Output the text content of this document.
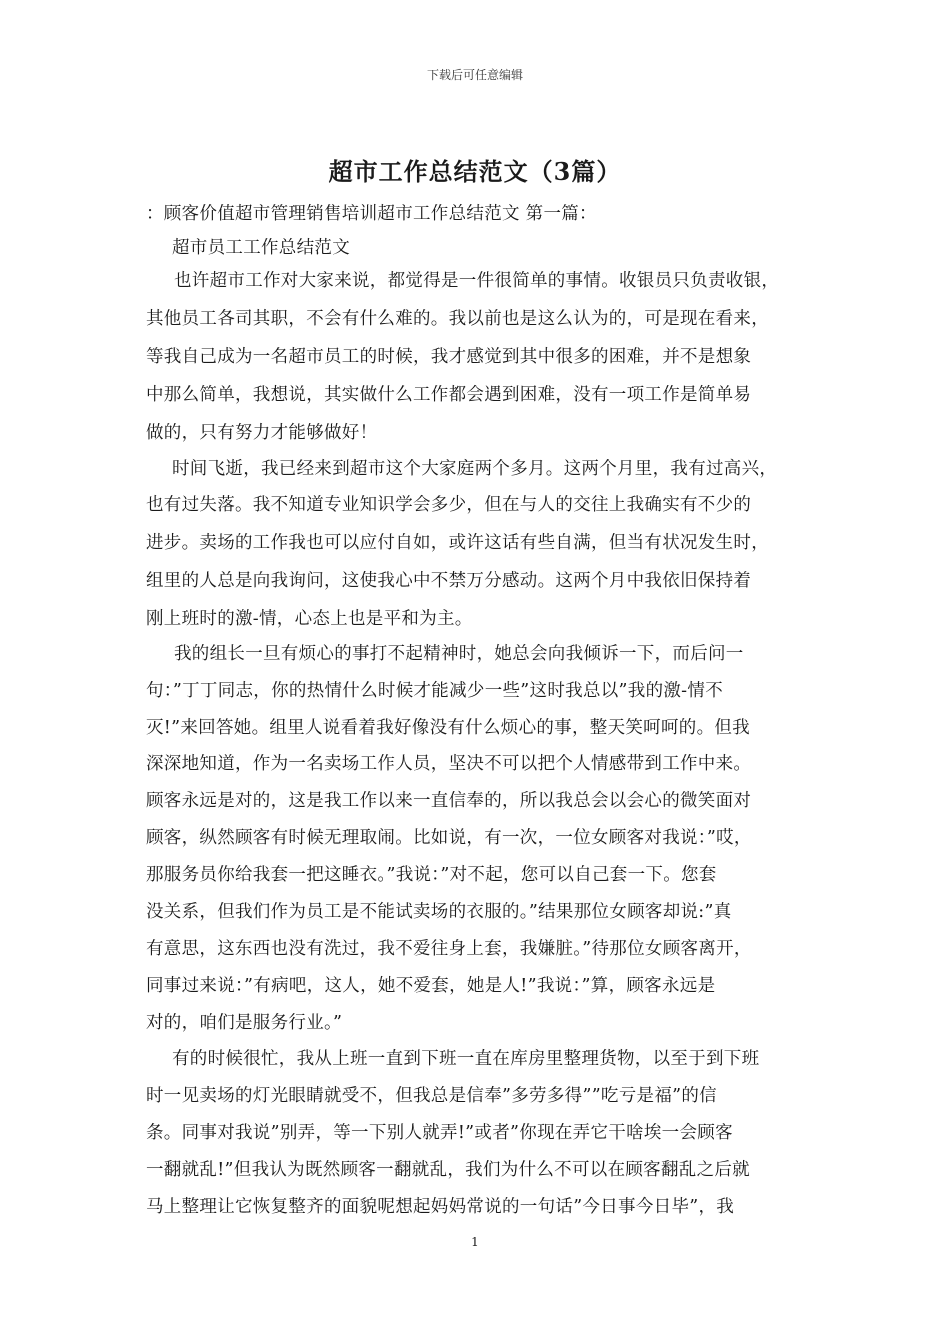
下载后可任意编辑
超市工作总结范文（3篇）
：顾客价值超市管理销售培训超市工作总结范文 第一篇：
超市员工工作总结范文
也许超市工作对大家来说，都觉得是一件很简单的事情。收银员只负责收银，
其他员工各司其职，不会有什么难的。我以前也是这么认为的，可是现在看来，
等我自己成为一名超市员工的时候，我才感觉到其中很多的困难，并不是想象
中那么简单，我想说，其实做什么工作都会遇到困难，没有一项工作是简单易
做的，只有努力才能够做好！
时间飞逝，我已经来到超市这个大家庭两个多月。这两个月里，我有过高兴，
也有过失落。我不知道专业知识学会多少，但在与人的交往上我确实有不少的
进步。卖场的工作我也可以应付自如，或许这话有些自满，但当有状况发生时，
组里的人总是向我询问，这使我心中不禁万分感动。这两个月中我依旧保持着
刚上班时的激-情，心态上也是平和为主。
我的组长一旦有烦心的事打不起精神时，她总会向我倾诉一下，而后问一
句：”丁丁同志，你的热情什么时候才能减少一些”这时我总以”我的激-情不
灭!”来回答她。组里人说看着我好像没有什么烦心的事，整天笑呵呵的。但我
深深地知道，作为一名卖场工作人员，坚决不可以把个人情感带到工作中来。
顾客永远是对的，这是我工作以来一直信奉的，所以我总会以会心的微笑面对
顾客，纵然顾客有时候无理取闹。比如说，有一次，一位女顾客对我说：”哎，
那服务员你给我套一把这睡衣。”我说：”对不起，您可以自己套一下。您套
没关系，但我们作为员工是不能试卖场的衣服的。”结果那位女顾客却说:”真
有意思，这东西也没有洗过，我不爱往身上套，我嫌脏。”待那位女顾客离开，
同事过来说：”有病吧，这人，她不爱套，她是人!”我说：”算，顾客永远是
对的，咱们是服务行业。”
有的时候很忙，我从上班一直到下班一直在库房里整理货物，以至于到下班
时一见卖场的灯光眼睛就受不，但我总是信奉”多劳多得””吃亏是福”的信
条。同事对我说”别弄，等一下别人就弄!”或者”你现在弄它干啥埃一会顾客
一翻就乱!”但我认为既然顾客一翻就乱，我们为什么不可以在顾客翻乱之后就
马上整理让它恢复整齐的面貌呢想起妈妈常说的一句话”今日事今日毕”，我
1
